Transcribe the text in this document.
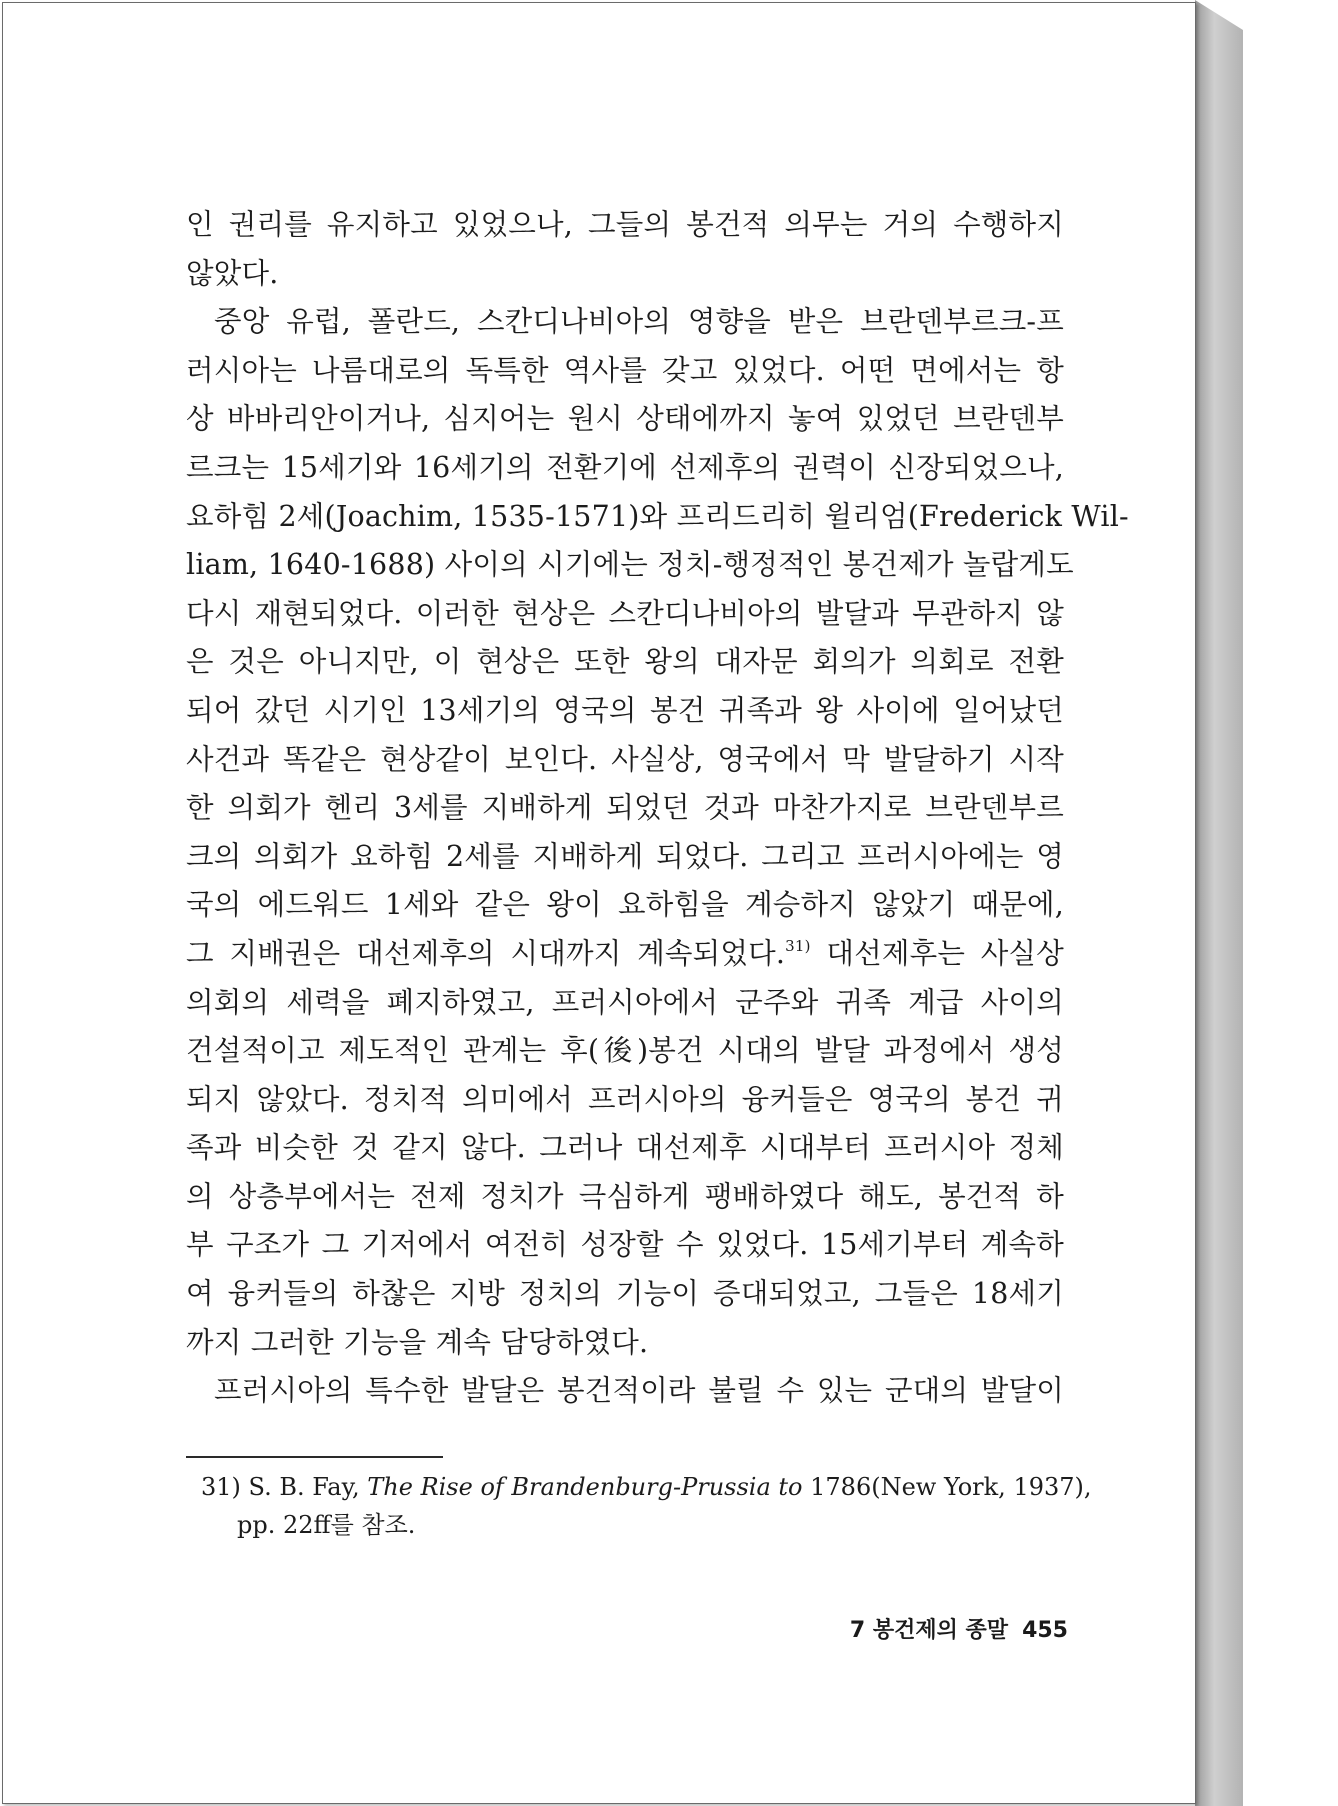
인 권리를 유지하고 있었으나, 그들의 봉건적 의무는 거의 수행하지
않았다.
중앙 유럽, 폴란드, 스칸디나비아의 영향을 받은 브란덴부르크-프
러시아는 나름대로의 독특한 역사를 갖고 있었다. 어떤 면에서는 항
상 바바리안이거나, 심지어는 원시 상태에까지 놓여 있었던 브란덴부
르크는 15세기와 16세기의 전환기에 선제후의 권력이 신장되었으나,
요하힘 2세(Joachim, 1535-1571)와 프리드리히 윌리엄(Frederick Wil-
liam, 1640-1688) 사이의 시기에는 정치-행정적인 봉건제가 놀랍게도
다시 재현되었다. 이러한 현상은 스칸디나비아의 발달과 무관하지 않
은 것은 아니지만, 이 현상은 또한 왕의 대자문 회의가 의회로 전환
되어 갔던 시기인 13세기의 영국의 봉건 귀족과 왕 사이에 일어났던
사건과 똑같은 현상같이 보인다. 사실상, 영국에서 막 발달하기 시작
한 의회가 헨리 3세를 지배하게 되었던 것과 마찬가지로 브란덴부르
크의 의회가 요하힘 2세를 지배하게 되었다. 그리고 프러시아에는 영
국의 에드워드 1세와 같은 왕이 요하힘을 계승하지 않았기 때문에,
그 지배권은 대선제후의 시대까지 계속되었다.$^{31)}$ 대선제후는 사실상
의회의 세력을 폐지하였고, 프러시아에서 군주와 귀족 계급 사이의
건설적이고 제도적인 관계는 후(後)봉건 시대의 발달 과정에서 생성
되지 않았다. 정치적 의미에서 프러시아의 융커들은 영국의 봉건 귀
족과 비슷한 것 같지 않다. 그러나 대선제후 시대부터 프러시아 정체
의 상층부에서는 전제 정치가 극심하게 팽배하였다 해도, 봉건적 하
부 구조가 그 기저에서 여전히 성장할 수 있었다. 15세기부터 계속하
여 융커들의 하찮은 지방 정치의 기능이 증대되었고, 그들은 18세기
까지 그러한 기능을 계속 담당하였다.
프러시아의 특수한 발달은 봉건적이라 불릴 수 있는 군대의 발달이
31) S. B. Fay, The Rise of Brandenburg-Prussia to 1786(New York, 1937),
pp. 22ff를 참조.
7 봉건제의 종말 455
